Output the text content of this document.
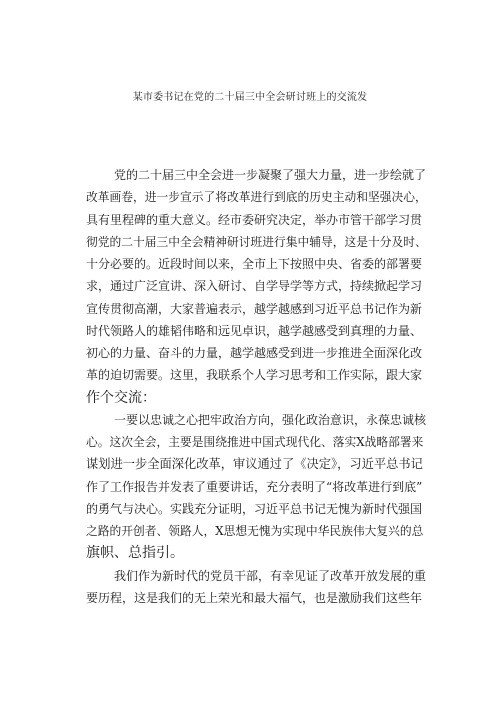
某市委书记在党的二十届三中全会研讨班上的交流发
党的二十届三中全会进一步凝聚了强大力量，进一步绘就了
改革画卷，进一步宣示了将改革进行到底的历史主动和坚强决心，
具有里程碑的重大意义。经市委研究决定，举办市管干部学习贯
彻党的二十届三中全会精神研讨班进行集中辅导，这是十分及时、
十分必要的。近段时间以来，全市上下按照中央、省委的部署要
求，通过广泛宣讲、深入研讨、自学导学等方式，持续掀起学习
宣传贯彻高潮，大家普遍表示，越学越感到习近平总书记作为新
时代领路人的雄韬伟略和远见卓识，越学越感受到真理的力量、
初心的力量、奋斗的力量，越学越感受到进一步推进全面深化改
革的迫切需要。这里，我联系个人学习思考和工作实际，跟大家
作个交流：
一要以忠诚之心把牢政治方向，强化政治意识，永葆忠诚核
心。这次全会，主要是围绕推进中国式现代化、落实X战略部署来
谋划进一步全面深化改革，审议通过了《决定》，习近平总书记
作了工作报告并发表了重要讲话，充分表明了“将改革进行到底”
的勇气与决心。实践充分证明，习近平总书记无愧为新时代强国
之路的开创者、领路人，X思想无愧为实现中华民族伟大复兴的总
旗帜、总指引。
我们作为新时代的党员干部，有幸见证了改革开放发展的重
要历程，这是我们的无上荣光和最大福气，也是激励我们这些年
